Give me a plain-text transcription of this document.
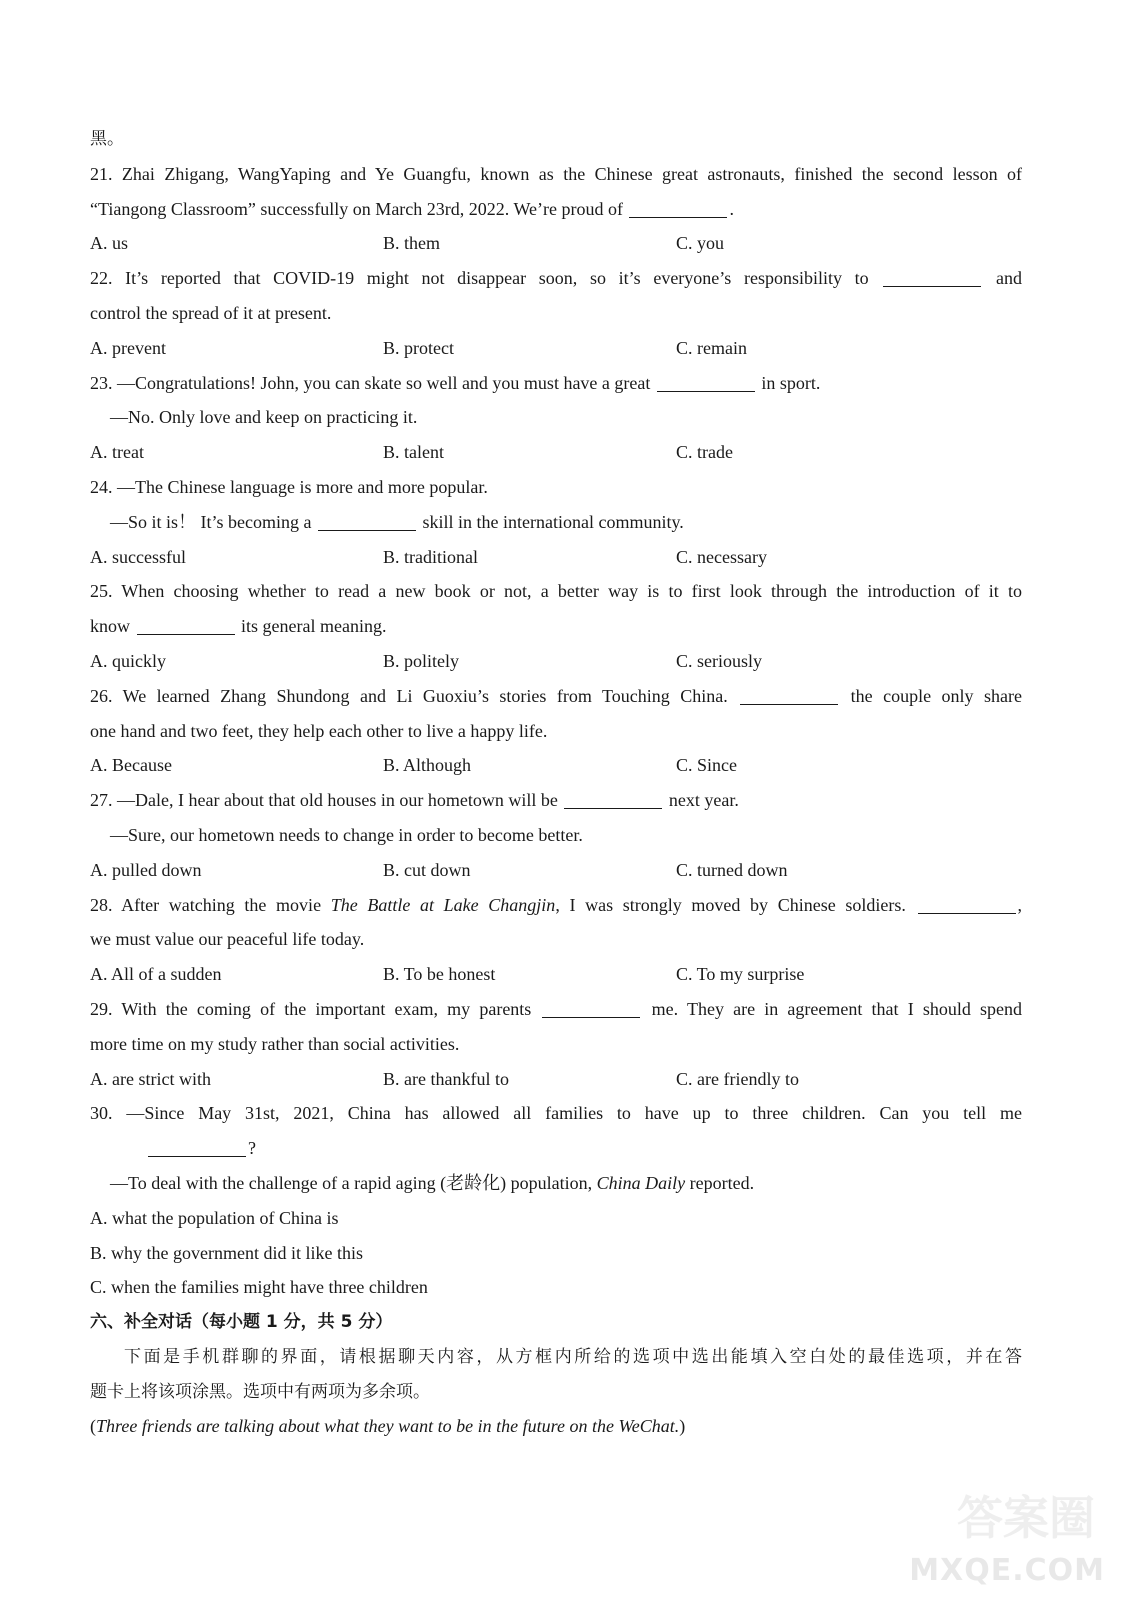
黑。
21. Zhai Zhigang, WangYaping and Ye Guangfu, known as the Chinese great astronauts, finished the second lesson of
“Tiangong Classroom” successfully on March 23rd, 2022. We’re proud of	.
A. us	B. them	C. you
22. It’s reported that COVID-19 might not disappear soon, so it’s everyone’s responsibility to	and
control the spread of it at present.
A. prevent	B. protect	C. remain
23. —Congratulations! John, you can skate so well and you must have a great	in sport.
—No. Only love and keep on practicing it.
A. treat	B. talent	C. trade
24. —The Chinese language is more and more popular.
—So it is！ It’s becoming a	skill in the international community.
A. successful	B. traditional	C. necessary
25. When choosing whether to read a new book or not, a better way is to first look through the introduction of it to
know	its general meaning.
A. quickly	B. politely	C. seriously
26. We learned Zhang Shundong and Li Guoxiu’s stories from Touching China.	the couple only share
one hand and two feet, they help each other to live a happy life.
A. Because	B. Although	C. Since
27. —Dale, I hear about that old houses in our hometown will be	next year.
—Sure, our hometown needs to change in order to become better.
A. pulled down	B. cut down	C. turned down
28. After watching the movie The Battle at Lake Changjin, I was strongly moved by Chinese soldiers.	,
we must value our peaceful life today.
A. All of a sudden	B. To be honest	C. To my surprise
29. With the coming of the important exam, my parents	me. They are in agreement that I should spend
more time on my study rather than social activities.
A. are strict with	B. are thankful to	C. are friendly to
30. —Since May 31st, 2021, China has allowed all families to have up to three children. Can you tell me
?
—To deal with the challenge of a rapid aging (老龄化) population, China Daily reported.
A. what the population of China is
B. why the government did it like this
C. when the families might have three children
六、补全对话（每小题 1 分，共 5 分）
下面是手机群聊的界面，请根据聊天内容，从方框内所给的选项中选出能填入空白处的最佳选项，并在答
题卡上将该项涂黑。选项中有两项为多余项。
(Three friends are talking about what they want to be in the future on the WeChat.)
答案圈
MXQE.COM
